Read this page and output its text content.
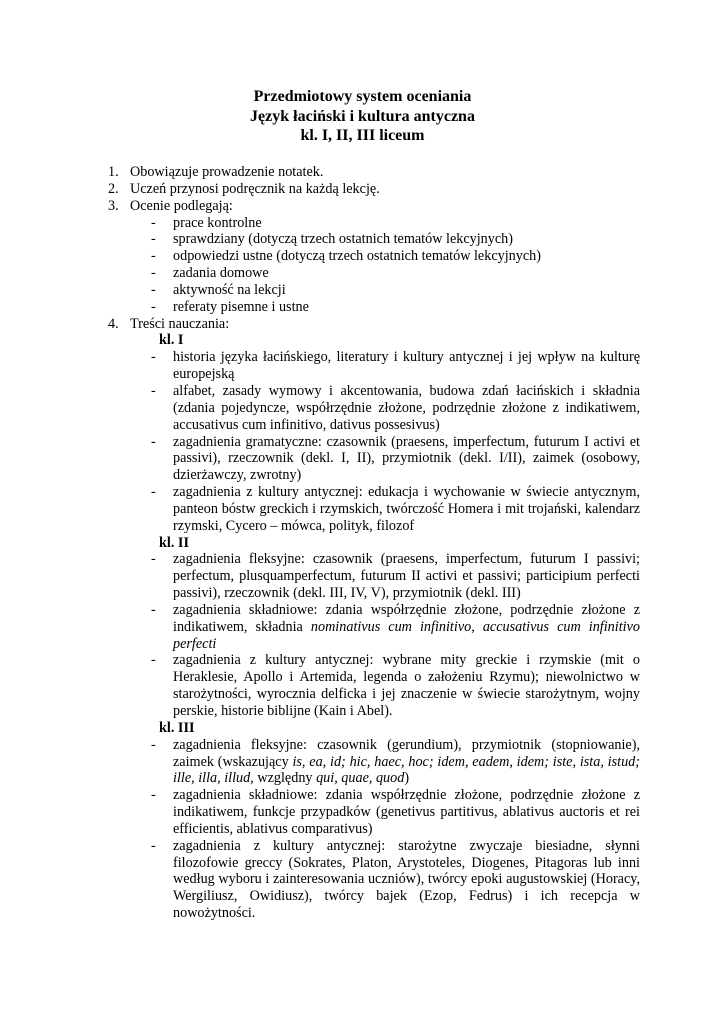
Przedmiotowy system oceniania
Język łaciński i kultura antyczna
kl. I, II, III liceum
1. Obowiązuje prowadzenie notatek.
2. Uczeń przynosi podręcznik na każdą lekcję.
3. Ocenie podlegają:
- prace kontrolne
- sprawdziany (dotyczą trzech ostatnich tematów lekcyjnych)
- odpowiedzi ustne (dotyczą trzech ostatnich tematów lekcyjnych)
- zadania domowe
- aktywność na lekcji
- referaty pisemne i ustne
4. Treści nauczania:
kl. I
- historia języka łacińskiego, literatury i kultury antycznej i jej wpływ na kulturę europejską
- alfabet, zasady wymowy i akcentowania, budowa zdań łacińskich i składnia (zdania pojedyncze, współrzędnie złożone, podrzędnie złożone z indikatiwem, accusativus cum infinitivo, dativus possesivus)
- zagadnienia gramatyczne: czasownik (praesens, imperfectum, futurum I activi et passivi), rzeczownik (dekl. I, II), przymiotnik (dekl. I/II), zaimek (osobowy, dzierżawczy, zwrotny)
- zagadnienia z kultury antycznej: edukacja i wychowanie w świecie antycznym, panteon bóstw greckich i rzymskich, twórczość Homera i mit trojański, kalendarz rzymski, Cycero – mówca, polityk, filozof
kl. II
- zagadnienia fleksyjne: czasownik (praesens, imperfectum, futurum I passivi; perfectum, plusquamperfectum, futurum II activi et passivi; participium perfecti passivi), rzeczownik (dekl. III, IV, V), przymiotnik (dekl. III)
- zagadnienia składniowe: zdania współrzędnie złożone, podrzędnie złożone z indikatiwem, składnia nominativus cum infinitivo, accusativus cum infinitivo perfecti
- zagadnienia z kultury antycznej: wybrane mity greckie i rzymskie (mit o Heraklesie, Apollo i Artemida, legenda o założeniu Rzymu); niewolnictwo w starożytności, wyrocznia delficka i jej znaczenie w świecie starożytnym, wojny perskie, historie biblijne (Kain i Abel).
kl. III
- zagadnienia fleksyjne: czasownik (gerundium), przymiotnik (stopniowanie), zaimek (wskazujący is, ea, id; hic, haec, hoc; idem, eadem, idem; iste, ista, istud; ille, illa, illud, względny qui, quae, quod)
- zagadnienia składniowe: zdania współrzędnie złożone, podrzędnie złożone z indikatiwem, funkcje przypadków (genetivus partitivus, ablativus auctoris et rei efficientis, ablativus comparativus)
- zagadnienia z kultury antycznej: starożytne zwyczaje biesiadne, słynni filozofowie greccy (Sokrates, Platon, Arystoteles, Diogenes, Pitagoras lub inni według wyboru i zainteresowania uczniów), twórcy epoki augustowskiej (Horacy, Wergiliusz, Owidiusz), twórcy bajek (Ezop, Fedrus) i ich recepcja w nowożytności.
